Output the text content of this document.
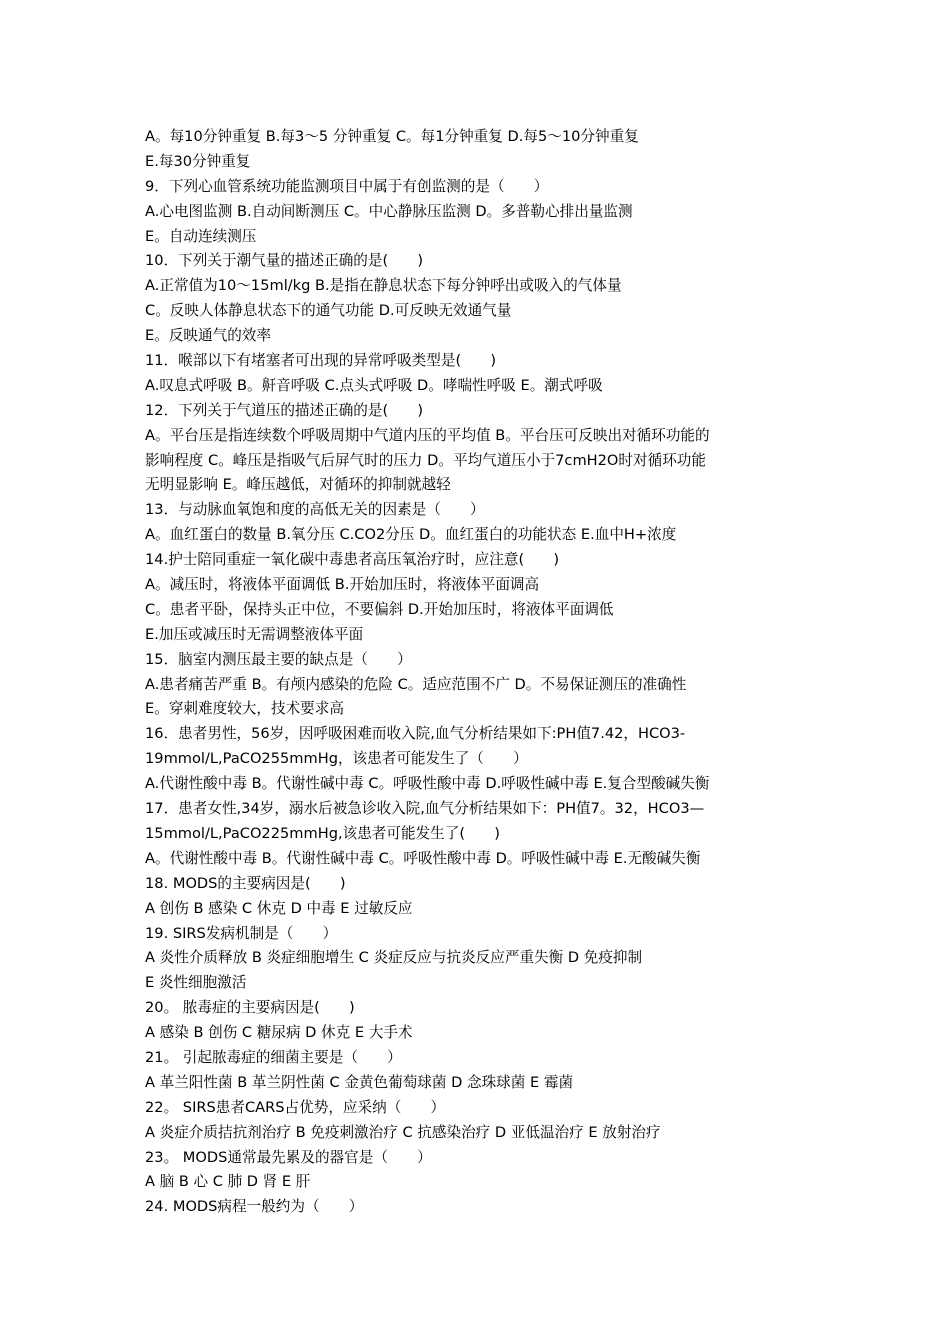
A。每10分钟重复 B.每3～5 分钟重复 C。每1分钟重复 D.每5～10分钟重复
E.每30分钟重复
9．下列心血管系统功能监测项目中属于有创监测的是（　　）
A.心电图监测 B.自动间断测压 C。中心静脉压监测 D。多普勒心排出量监测
E。自动连续测压
10．下列关于潮气量的描述正确的是(　　)
A.正常值为10～15ml/kg B.是指在静息状态下每分钟呼出或吸入的气体量
C。反映人体静息状态下的通气功能 D.可反映无效通气量
E。反映通气的效率
11．喉部以下有堵塞者可出现的异常呼吸类型是(　　)
A.叹息式呼吸 B。鼾音呼吸 C.点头式呼吸 D。哮喘性呼吸 E。潮式呼吸
12．下列关于气道压的描述正确的是(　　)
A。平台压是指连续数个呼吸周期中气道内压的平均值 B。平台压可反映出对循环功能的
影响程度 C。峰压是指吸气后屏气时的压力 D。平均气道压小于7cmH2O时对循环功能
无明显影响 E。峰压越低，对循环的抑制就越轻
13．与动脉血氧饱和度的高低无关的因素是（　　）
A。血红蛋白的数量 B.氧分压 C.CO2分压 D。血红蛋白的功能状态 E.血中H+浓度
14.护士陪同重症一氧化碳中毒患者高压氧治疗时，应注意(　　)
A。减压时，将液体平面调低 B.开始加压时，将液体平面调高
C。患者平卧，保持头正中位，不要偏斜 D.开始加压时，将液体平面调低
E.加压或减压时无需调整液体平面
15．脑室内测压最主要的缺点是（　　）
A.患者痛苦严重 B。有颅内感染的危险 C。适应范围不广 D。不易保证测压的准确性
E。穿刺难度较大，技术要求高
16．患者男性，56岁，因呼吸困难而收入院,血气分析结果如下:PH值7.42，HCO3-
19mmol/L,PaCO255mmHg，该患者可能发生了（　　）
A.代谢性酸中毒 B。代谢性碱中毒 C。呼吸性酸中毒 D.呼吸性碱中毒 E.复合型酸碱失衡
17．患者女性,34岁，溺水后被急诊收入院,血气分析结果如下：PH值7。32，HCO3—
15mmol/L,PaCO225mmHg,该患者可能发生了(　　)
A。代谢性酸中毒 B。代谢性碱中毒 C。呼吸性酸中毒 D。呼吸性碱中毒 E.无酸碱失衡
18. MODS的主要病因是(　　)
A 创伤 B 感染 C 休克 D 中毒 E 过敏反应
19. SIRS发病机制是（　　）
A 炎性介质释放 B 炎症细胞增生 C 炎症反应与抗炎反应严重失衡 D 免疫抑制
E 炎性细胞激活
20。 脓毒症的主要病因是(　　)
A 感染 B 创伤 C 糖尿病 D 休克 E 大手术
21。 引起脓毒症的细菌主要是（　　）
A 革兰阳性菌 B 革兰阴性菌 C 金黄色葡萄球菌 D 念珠球菌 E 霉菌
22。 SIRS患者CARS占优势，应采纳（　　）
A 炎症介质拮抗剂治疗 B 免疫刺激治疗 C 抗感染治疗 D 亚低温治疗 E 放射治疗
23。 MODS通常最先累及的器官是（　　）
A 脑 B 心 C 肺 D 肾 E 肝
24. MODS病程一般约为（　　）
